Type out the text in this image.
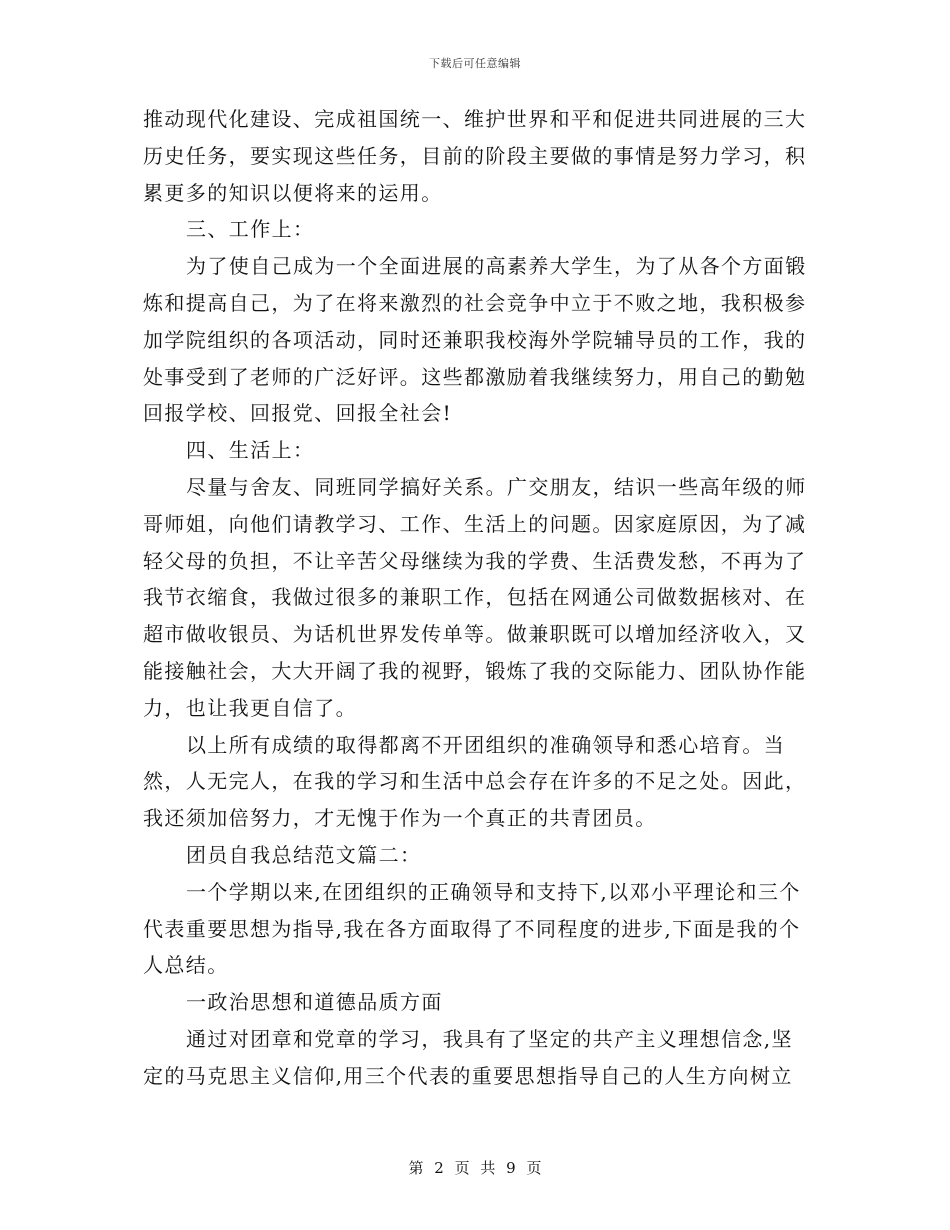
下载后可任意编辑

推动现代化建设、完成祖国统一、维护世界和平和促进共同进展的三大历史任务，要实现这些任务，目前的阶段主要做的事情是努力学习，积累更多的知识以便将来的运用。

三、工作上：

为了使自己成为一个全面进展的高素养大学生，为了从各个方面锻炼和提高自己，为了在将来激烈的社会竞争中立于不败之地，我积极参加学院组织的各项活动，同时还兼职我校海外学院辅导员的工作，我的处事受到了老师的广泛好评。这些都激励着我继续努力，用自己的勤勉回报学校、回报党、回报全社会!

四、生活上：

尽量与舍友、同班同学搞好关系。广交朋友，结识一些高年级的师哥师姐，向他们请教学习、工作、生活上的问题。因家庭原因，为了减轻父母的负担，不让辛苦父母继续为我的学费、生活费发愁，不再为了我节衣缩食，我做过很多的兼职工作，包括在网通公司做数据核对、在超市做收银员、为话机世界发传单等。做兼职既可以增加经济收入，又能接触社会，大大开阔了我的视野，锻炼了我的交际能力、团队协作能力，也让我更自信了。

以上所有成绩的取得都离不开团组织的准确领导和悉心培育。当然，人无完人，在我的学习和生活中总会存在许多的不足之处。因此，我还须加倍努力，才无愧于作为一个真正的共青团员。

团员自我总结范文篇二：

一个学期以来,在团组织的正确领导和支持下,以邓小平理论和三个代表重要思想为指导,我在各方面取得了不同程度的进步,下面是我的个人总结。

一政治思想和道德品质方面

通过对团章和党章的学习，我具有了坚定的共产主义理想信念,坚定的马克思主义信仰,用三个代表的重要思想指导自己的人生方向树立

第 2 页 共 9 页
